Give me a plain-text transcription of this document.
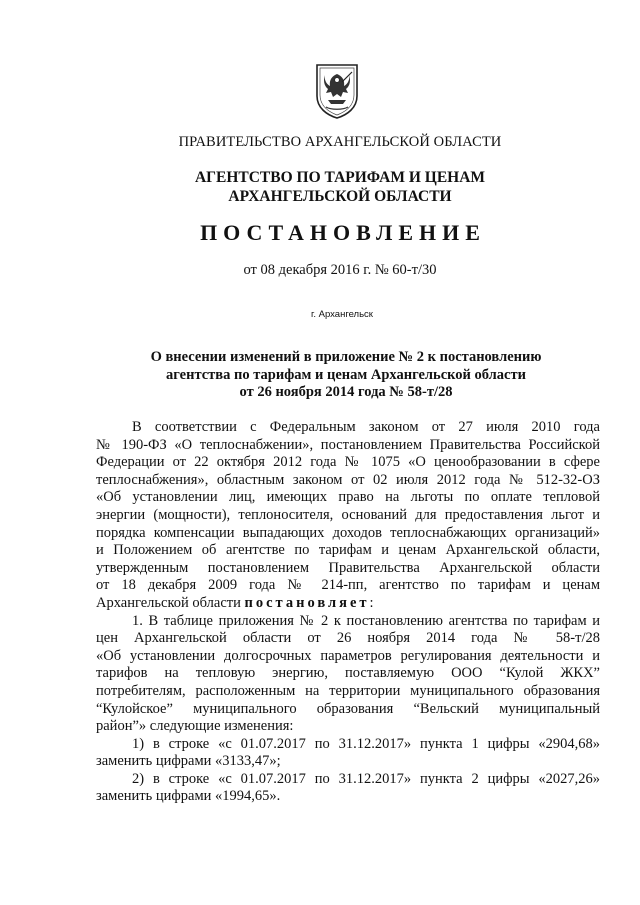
ПРАВИТЕЛЬСТВО АРХАНГЕЛЬСКОЙ ОБЛАСТИ
АГЕНТСТВО ПО ТАРИФАМ И ЦЕНАМ
АРХАНГЕЛЬСКОЙ ОБЛАСТИ
ПОСТАНОВЛЕНИЕ
от 08 декабря 2016 г. № 60-т/30
г. Архангельск
О внесении изменений в приложение № 2 к постановлению
агентства по тарифам и ценам Архангельской области
от 26 ноября 2014 года № 58-т/28
В соответствии с Федеральным законом от 27 июля 2010 года
№ 190-ФЗ «О теплоснабжении», постановлением Правительства Российской
Федерации от 22 октября 2012 года № 1075 «О ценообразовании в сфере
теплоснабжения», областным законом от 02 июля 2012 года № 512-32-ОЗ
«Об установлении лиц, имеющих право на льготы по оплате тепловой
энергии (мощности), теплоносителя, оснований для предоставления льгот и
порядка компенсации выпадающих доходов теплоснабжающих организаций»
и Положением об агентстве по тарифам и ценам Архангельской области,
утвержденным постановлением Правительства Архангельской области
от 18 декабря 2009 года № 214-пп, агентство по тарифам и ценам
Архангельской области постановляет:
1. В таблице приложения № 2 к постановлению агентства по тарифам и
цен Архангельской области от 26 ноября 2014 года № 58-т/28
«Об установлении долгосрочных параметров регулирования деятельности и
тарифов на тепловую энергию, поставляемую ООО “Кулой ЖКХ”
потребителям, расположенным на территории муниципального образования
“Кулойское” муниципального образования “Вельский муниципальный
район”» следующие изменения:
1) в строке «с 01.07.2017 по 31.12.2017» пункта 1 цифры «2904,68»
заменить цифрами «3133,47»;
2) в строке «с 01.07.2017 по 31.12.2017» пункта 2 цифры «2027,26»
заменить цифрами «1994,65».
